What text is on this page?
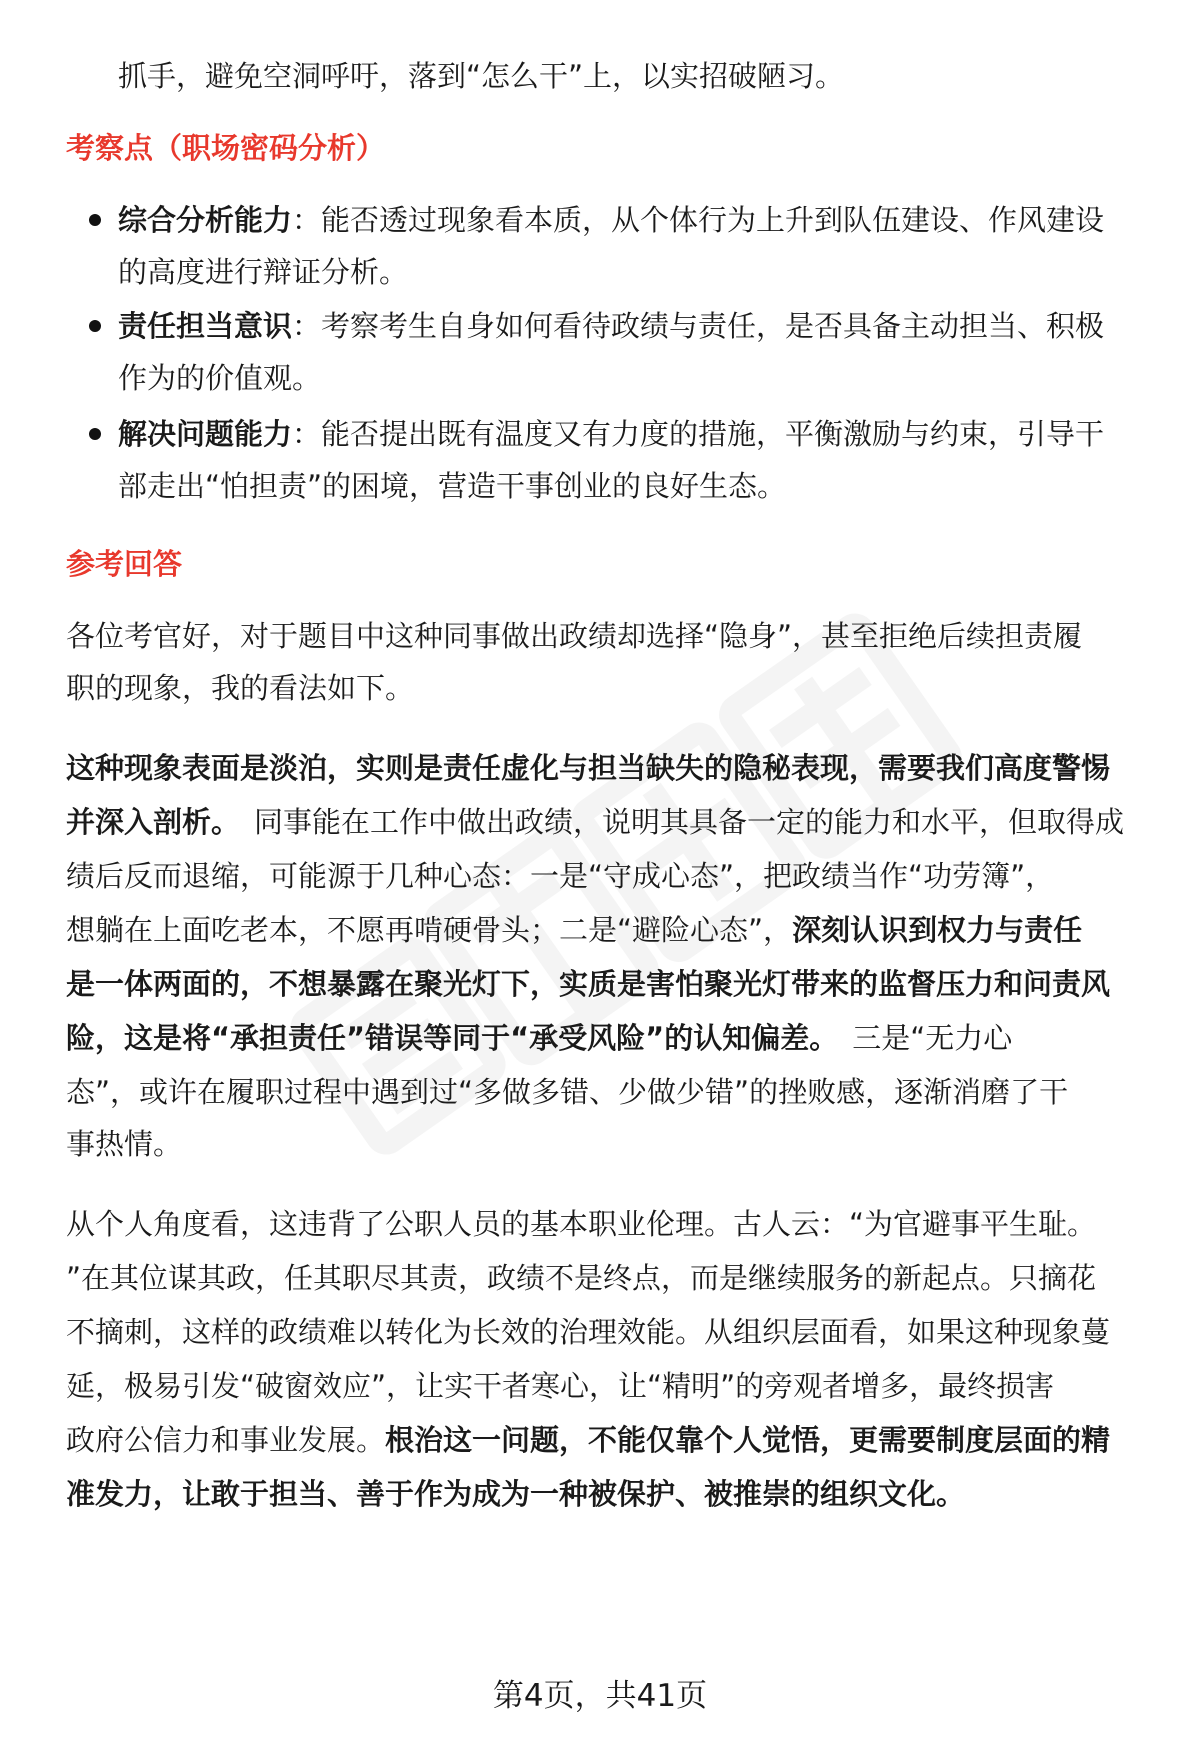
抓手，避免空洞呼吁，落到“怎么干”上，以实招破陋习。
考察点（职场密码分析）
综合分析能力：能否透过现象看本质，从个体行为上升到队伍建设、作风建设
的高度进行辩证分析。
责任担当意识：考察考生自身如何看待政绩与责任，是否具备主动担当、积极
作为的价值观。
解决问题能力：能否提出既有温度又有力度的措施，平衡激励与约束，引导干
部走出“怕担责”的困境，营造干事创业的良好生态。
参考回答
各位考官好，对于题目中这种同事做出政绩却选择“隐身”，甚至拒绝后续担责履
职的现象，我的看法如下。
这种现象表面是淡泊，实则是责任虚化与担当缺失的隐秘表现，需要我们高度警惕
并深入剖析。 同事能在工作中做出政绩，说明其具备一定的能力和水平，但取得成
绩后反而退缩，可能源于几种心态：一是“守成心态”，把政绩当作“功劳簿”，
想躺在上面吃老本，不愿再啃硬骨头；二是“避险心态”，深刻认识到权力与责任
是一体两面的，不想暴露在聚光灯下，实质是害怕聚光灯带来的监督压力和问责风
险，这是将“承担责任”错误等同于“承受风险”的认知偏差。 三是“无力心
态”，或许在履职过程中遇到过“多做多错、少做少错”的挫败感，逐渐消磨了干
事热情。
从个人角度看，这违背了公职人员的基本职业伦理。古人云：“为官避事平生耻。
”在其位谋其政，任其职尽其责，政绩不是终点，而是继续服务的新起点。只摘花
不摘刺，这样的政绩难以转化为长效的治理效能。从组织层面看，如果这种现象蔓
延，极易引发“破窗效应”，让实干者寒心，让“精明”的旁观者增多，最终损害
政府公信力和事业发展。根治这一问题，不能仅靠个人觉悟，更需要制度层面的精
准发力，让敢于担当、善于作为成为一种被保护、被推崇的组织文化。
第4页，共41页
